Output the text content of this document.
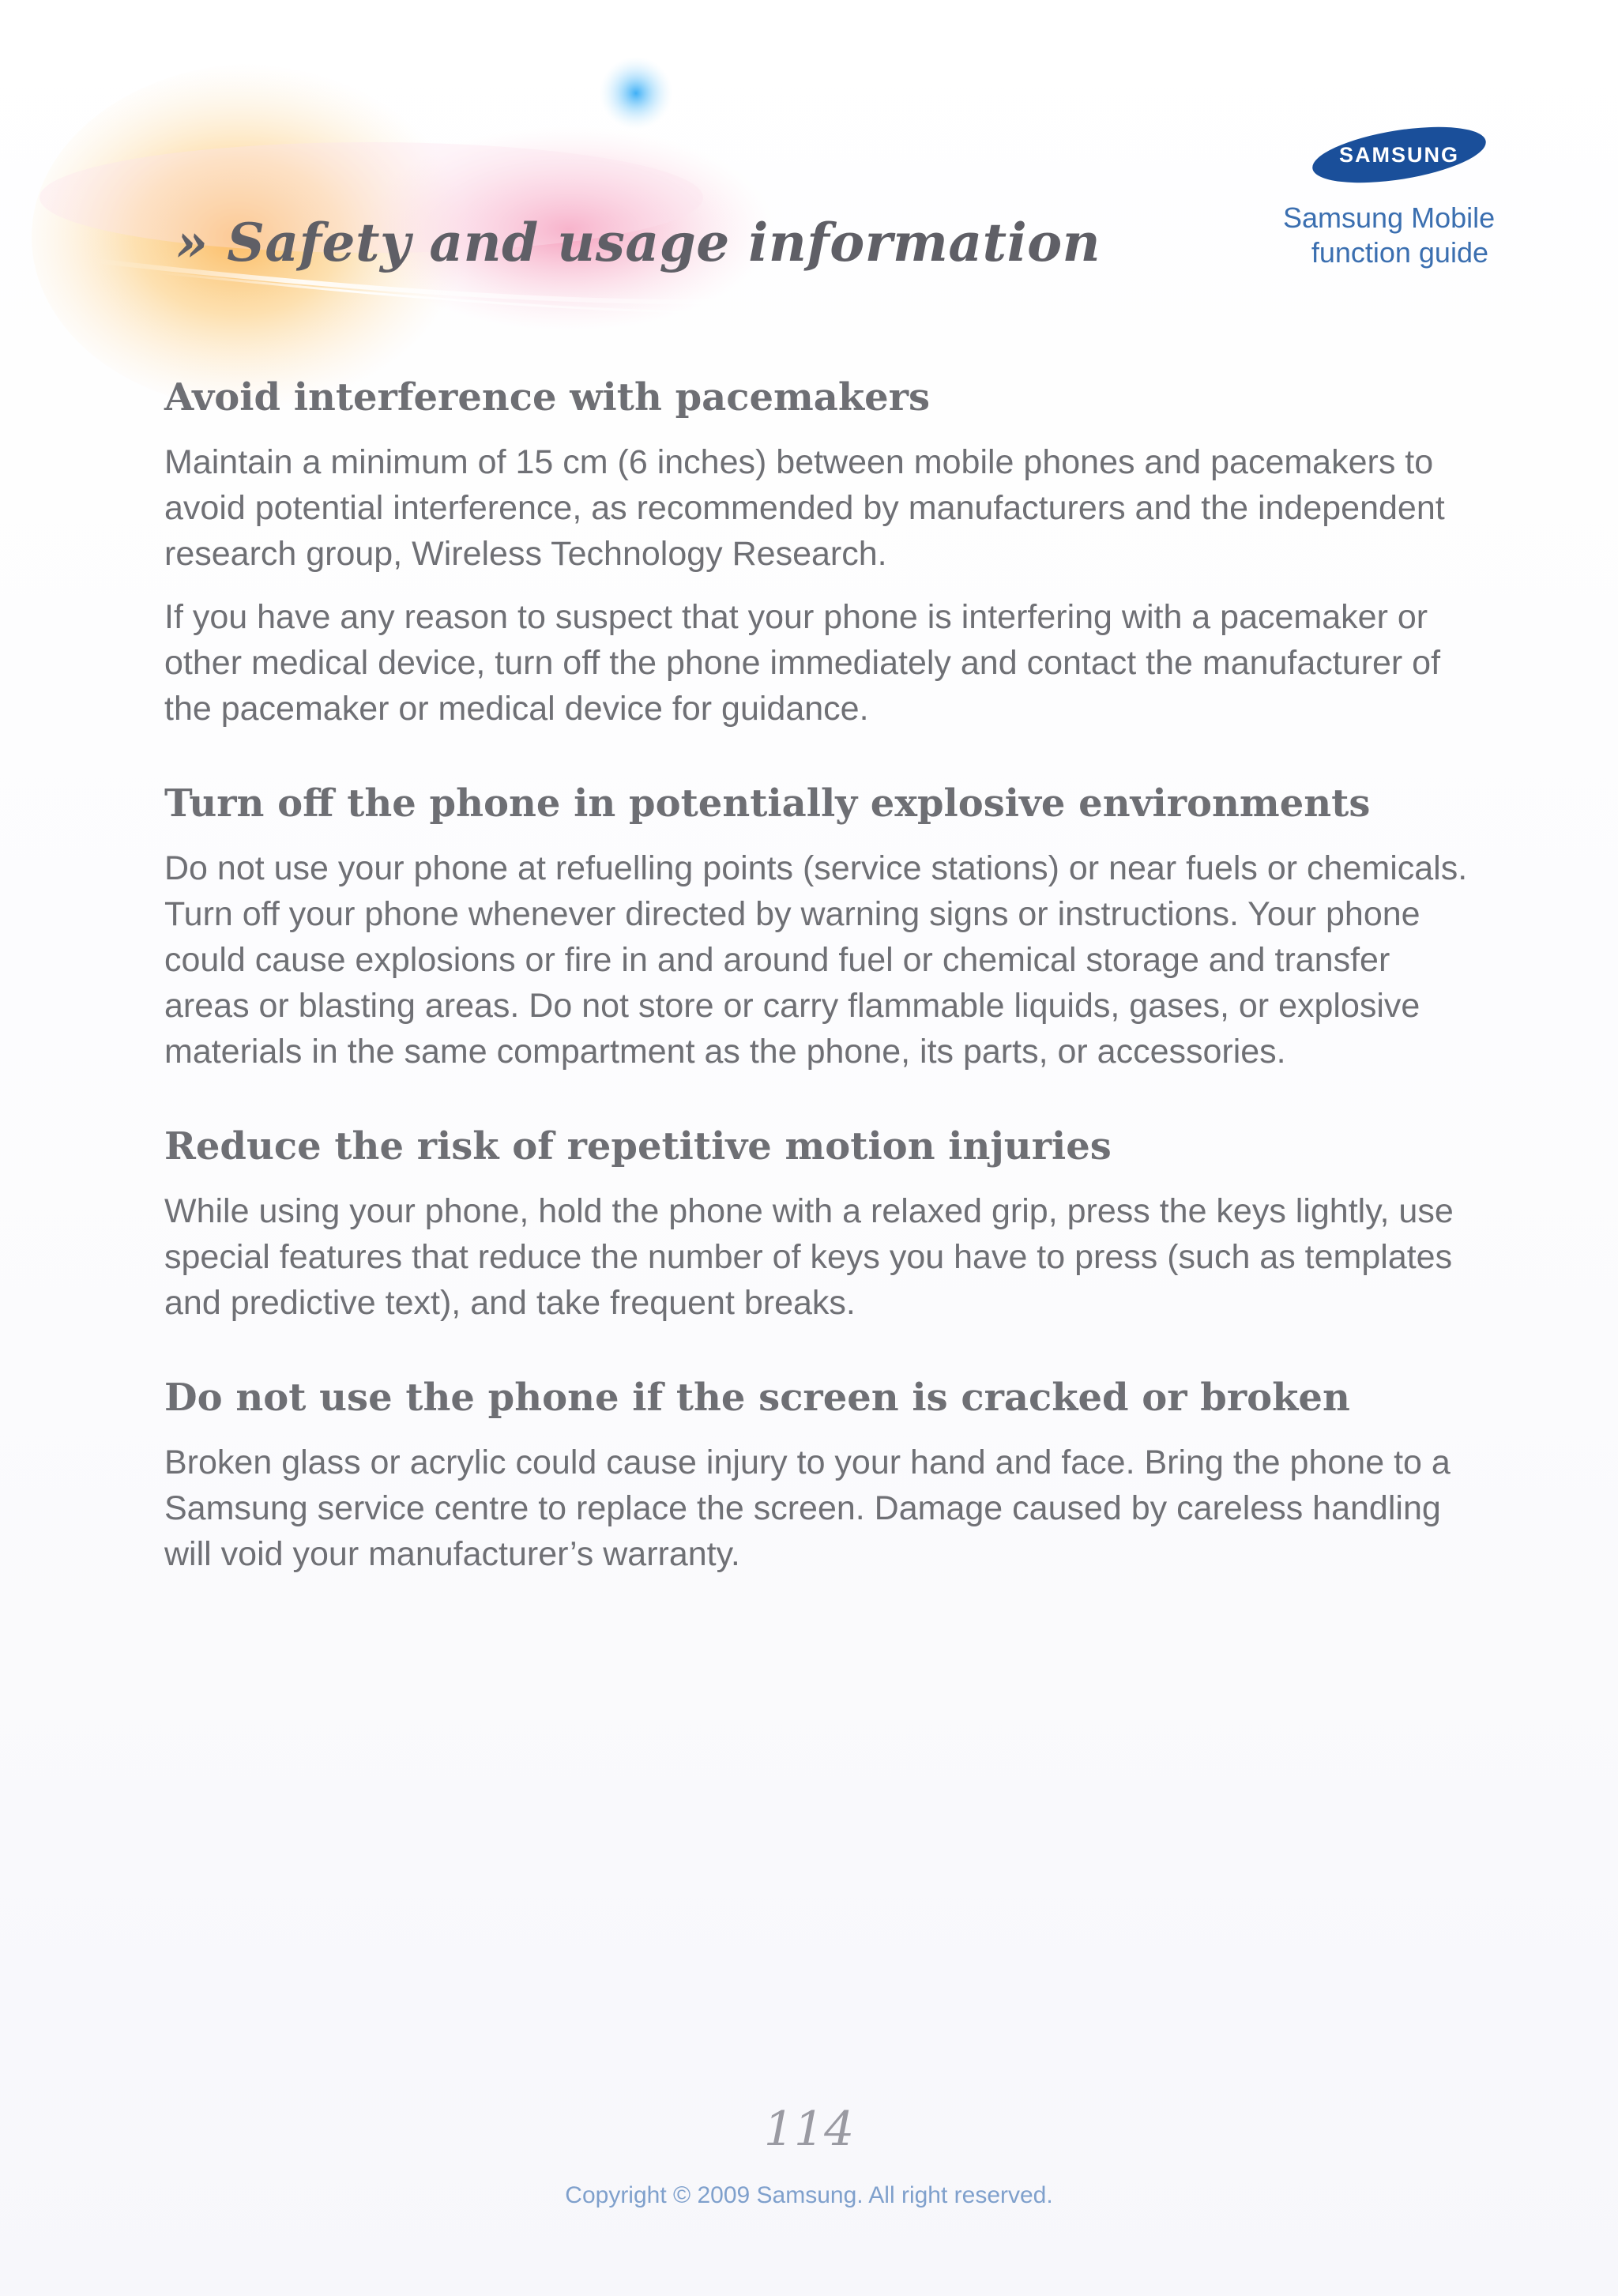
» Safety and usage information
SAMSUNG
Samsung Mobile
function guide
Avoid interference with pacemakers

Maintain a minimum of 15 cm (6 inches) between mobile phones and pacemakers to avoid potential interference, as recommended by manufacturers and the independent research group, Wireless Technology Research.

If you have any reason to suspect that your phone is interfering with a pacemaker or other medical device, turn off the phone immediately and contact the manufacturer of the pacemaker or medical device for guidance.

Turn off the phone in potentially explosive environments

Do not use your phone at refuelling points (service stations) or near fuels or chemicals. Turn off your phone whenever directed by warning signs or instructions. Your phone could cause explosions or fire in and around fuel or chemical storage and transfer areas or blasting areas. Do not store or carry flammable liquids, gases, or explosive materials in the same compartment as the phone, its parts, or accessories.

Reduce the risk of repetitive motion injuries

While using your phone, hold the phone with a relaxed grip, press the keys lightly, use special features that reduce the number of keys you have to press (such as templates and predictive text), and take frequent breaks.

Do not use the phone if the screen is cracked or broken

Broken glass or acrylic could cause injury to your hand and face. Bring the phone to a Samsung service centre to replace the screen. Damage caused by careless handling will void your manufacturer’s warranty.

114
Copyright © 2009 Samsung. All right reserved.
